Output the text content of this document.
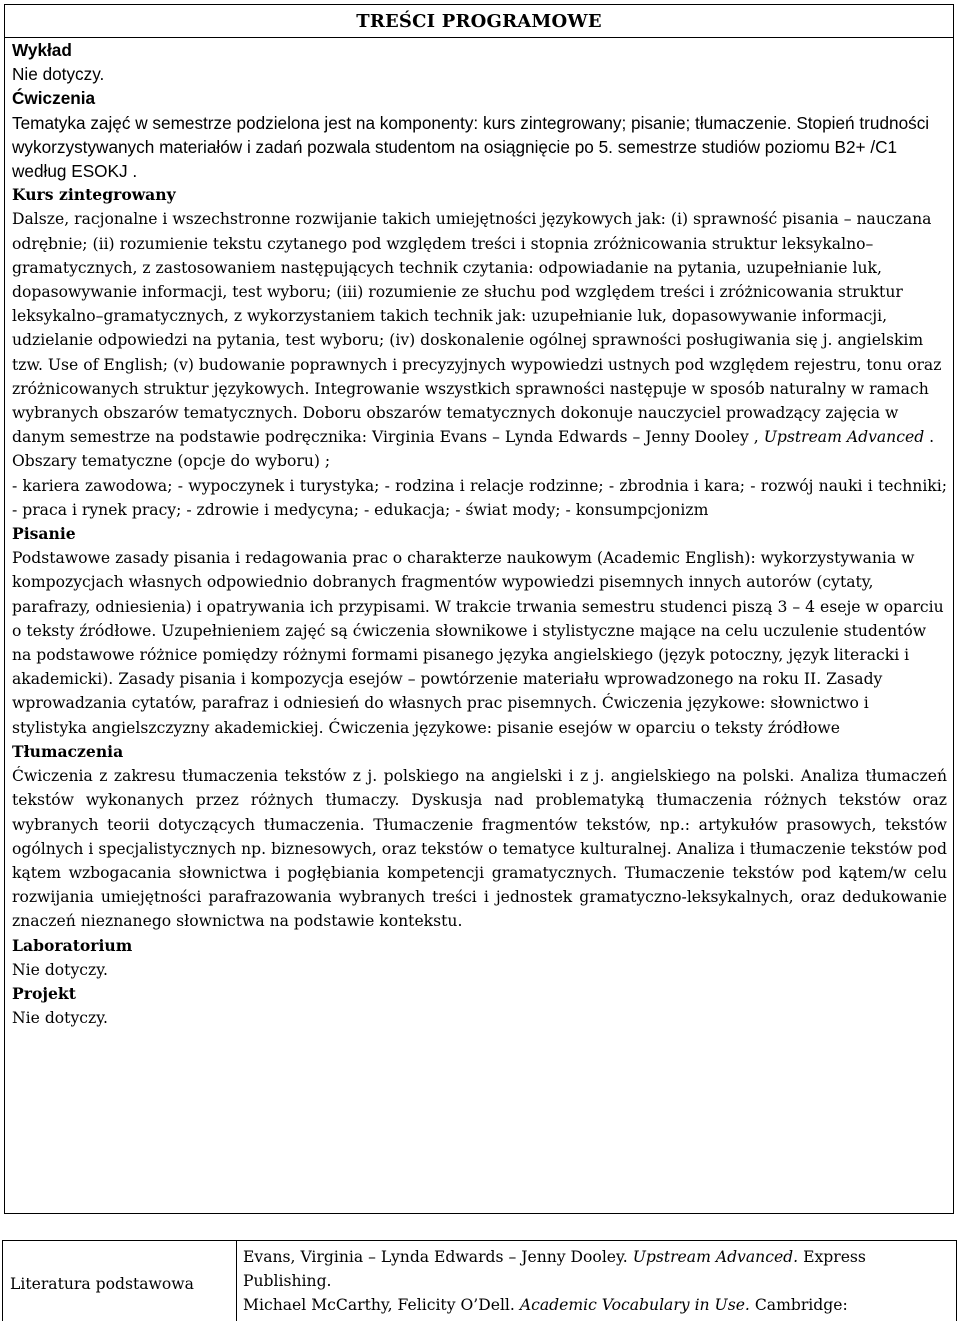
TREŚCI PROGRAMOWE

Wykład

Nie dotyczy.

Ćwiczenia

Tematyka zajęć w semestrze podzielona jest na komponenty: kurs zintegrowany; pisanie; tłumaczenie. Stopień trudności wykorzystywanych materiałów i zadań pozwala studentom na osiągnięcie po 5. semestrze studiów poziomu B2+ /C1 według ESOKJ .

Kurs zintegrowany

Dalsze, racjonalne i wszechstronne rozwijanie takich umiejętności językowych jak: (i) sprawność pisania – nauczana odrębnie; (ii) rozumienie tekstu czytanego pod względem treści i stopnia zróżnicowania struktur leksykalno–gramatycznych, z zastosowaniem następujących technik czytania: odpowiadanie na pytania, uzupełnianie luk, dopasowywanie informacji, test wyboru; (iii) rozumienie ze słuchu pod względem treści i zróżnicowania struktur leksykalno–gramatycznych, z wykorzystaniem takich technik jak: uzupełnianie luk, dopasowywanie informacji, udzielanie odpowiedzi na pytania, test wyboru; (iv) doskonalenie ogólnej sprawności posługiwania się j. angielskim tzw. Use of English; (v) budowanie poprawnych i precyzyjnych wypowiedzi ustnych pod względem rejestru, tonu oraz zróżnicowanych struktur językowych. Integrowanie wszystkich sprawności następuje w sposób naturalny w ramach wybranych obszarów tematycznych. Doboru obszarów tematycznych dokonuje nauczyciel prowadzący zajęcia w danym semestrze na podstawie podręcznika: Virginia Evans – Lynda Edwards – Jenny Dooley , Upstream Advanced .

Obszary tematyczne (opcje do wyboru) ;

- kariera zawodowa; - wypoczynek i turystyka; - rodzina i relacje rodzinne; - zbrodnia i kara; - rozwój nauki i techniki; - praca i rynek pracy; - zdrowie i medycyna; - edukacja; - świat mody; - konsumpcjonizm

Pisanie

Podstawowe zasady pisania i redagowania prac o charakterze naukowym (Academic English): wykorzystywania w kompozycjach własnych odpowiednio dobranych fragmentów wypowiedzi pisemnych innych autorów (cytaty, parafrazy, odniesienia) i opatrywania ich przypisami. W trakcie trwania semestru studenci piszą 3 – 4 eseje w oparciu o teksty źródłowe. Uzupełnieniem zajęć są ćwiczenia słownikowe i stylistyczne mające na celu uczulenie studentów na podstawowe różnice pomiędzy różnymi formami pisanego języka angielskiego (język potoczny, język literacki i akademicki). Zasady pisania i kompozycja esejów – powtórzenie materiału wprowadzonego na roku II. Zasady wprowadzania cytatów, parafraz i odniesień do własnych prac pisemnych. Ćwiczenia językowe: słownictwo i stylistyka angielszczyzny akademickiej. Ćwiczenia językowe: pisanie esejów w oparciu o teksty źródłowe

Tłumaczenia

Ćwiczenia z zakresu tłumaczenia tekstów z j. polskiego na angielski i z j. angielskiego na polski. Analiza tłumaczeń tekstów wykonanych przez różnych tłumaczy. Dyskusja nad problematyką tłumaczenia różnych tekstów oraz wybranych teorii dotyczących tłumaczenia. Tłumaczenie fragmentów tekstów, np.: artykułów prasowych, tekstów ogólnych i specjalistycznych np. biznesowych, oraz tekstów o tematyce kulturalnej. Analiza i tłumaczenie tekstów pod kątem wzbogacania słownictwa i pogłębiania kompetencji gramatycznych. Tłumaczenie tekstów pod kątem/w celu rozwijania umiejętności parafrazowania wybranych treści i jednostek gramatyczno-leksykalnych, oraz dedukowanie znaczeń nieznanego słownictwa na podstawie kontekstu.

Laboratorium

Nie dotyczy.

Projekt

Nie dotyczy.

Literatura podstawowa

Evans, Virginia – Lynda Edwards – Jenny Dooley. Upstream Advanced. Express Publishing.

Michael McCarthy, Felicity O’Dell. Academic Vocabulary in Use. Cambridge:
